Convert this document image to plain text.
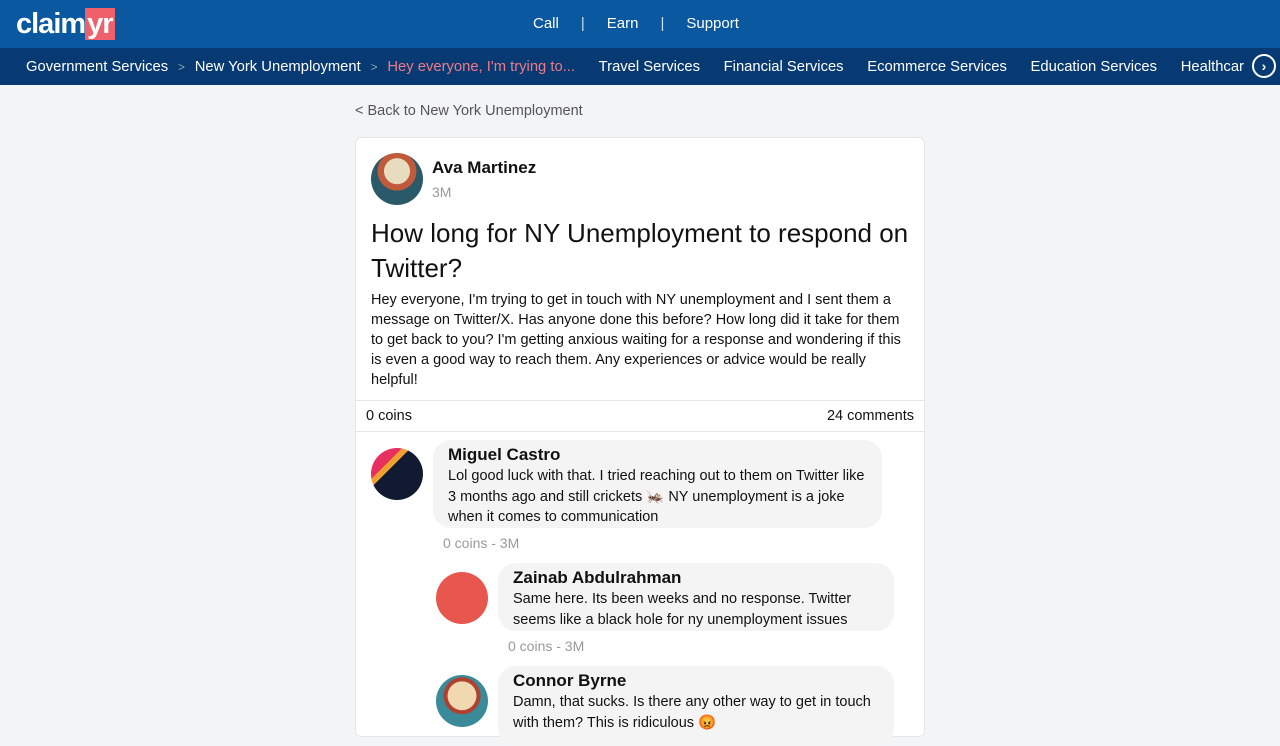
claim yr	Call | Earn | Support
Government Services > New York Unemployment > Hey everyone, I'm trying to... Travel Services Financial Services Ecommerce Services Education Services Healthcar	›
< Back to New York Unemployment
Ava Martinez
3M
How long for NY Unemployment to respond on Twitter?
Hey everyone, I'm trying to get in touch with NY unemployment and I sent them a message on Twitter/X. Has anyone done this before? How long did it take for them to get back to you? I'm getting anxious waiting for a response and wondering if this is even a good way to reach them. Any experiences or advice would be really helpful!
0 coins	24 comments
Miguel Castro
Lol good luck with that. I tried reaching out to them on Twitter like 3 months ago and still crickets 🦗 NY unemployment is a joke when it comes to communication
0 coins - 3M
Zainab Abdulrahman
Same here. Its been weeks and no response. Twitter seems like a black hole for ny unemployment issues
0 coins - 3M
Connor Byrne
Damn, that sucks. Is there any other way to get in touch with them? This is ridiculous 😡
